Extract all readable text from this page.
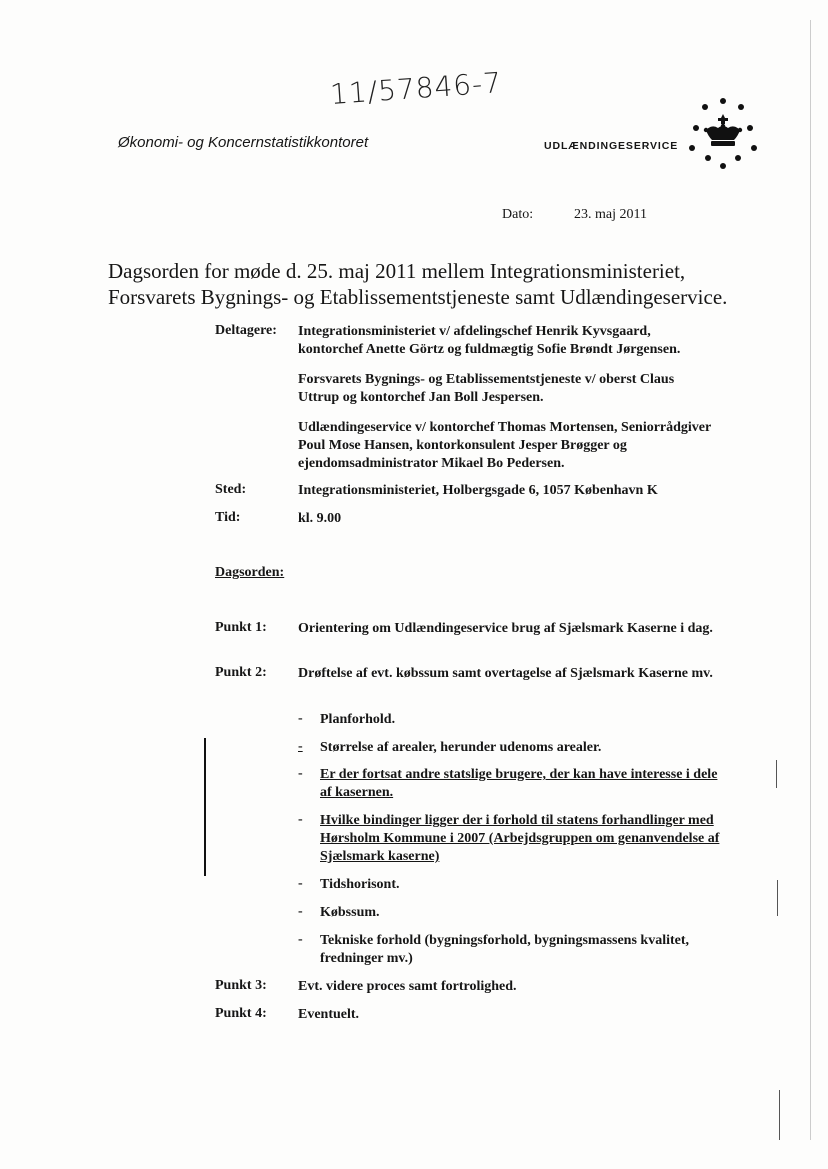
11/57846-7
Økonomi- og Koncernstatistikkontoret	UDLÆNDINGESERVICE
Dato:	23. maj 2011
Dagsorden for møde d. 25. maj 2011 mellem Integrationsministeriet, Forsvarets Bygnings- og Etablissementstjeneste samt Udlændingeservice.
Deltagere: Integrationsministeriet v/ afdelingschef Henrik Kyvsgaard, kontorchef Anette Görtz og fuldmægtig Sofie Brøndt Jørgensen.
Forsvarets Bygnings- og Etablissementstjeneste v/ oberst Claus Uttrup og kontorchef Jan Boll Jespersen.
Udlændingeservice v/ kontorchef Thomas Mortensen, Seniorrådgiver Poul Mose Hansen, kontorkonsulent Jesper Brøgger og ejendomsadministrator Mikael Bo Pedersen.
Sted:	Integrationsministeriet, Holbergsgade 6, 1057 København K
Tid:	kl. 9.00
Dagsorden:
Punkt 1: Orientering om Udlændingeservice brug af Sjælsmark Kaserne i dag.
Punkt 2: Drøftelse af evt. købssum samt overtagelse af Sjælsmark Kaserne mv.
- Planforhold.
-	Størrelse af arealer, herunder udenoms arealer.
- Er der fortsat andre statslige brugere, der kan have interesse i dele af kasernen.
- Hvilke bindinger ligger der i forhold til statens forhandlinger med Hørsholm Kommune i 2007 (Arbejdsgruppen om genanvendelse af Sjælsmark kaserne)
- Tidshorisont.
- Købssum.
- Tekniske forhold (bygningsforhold, bygningsmassens kvalitet, fredninger mv.)
Punkt 3: Evt. videre proces samt fortrolighed.
Punkt 4: Eventuelt.
